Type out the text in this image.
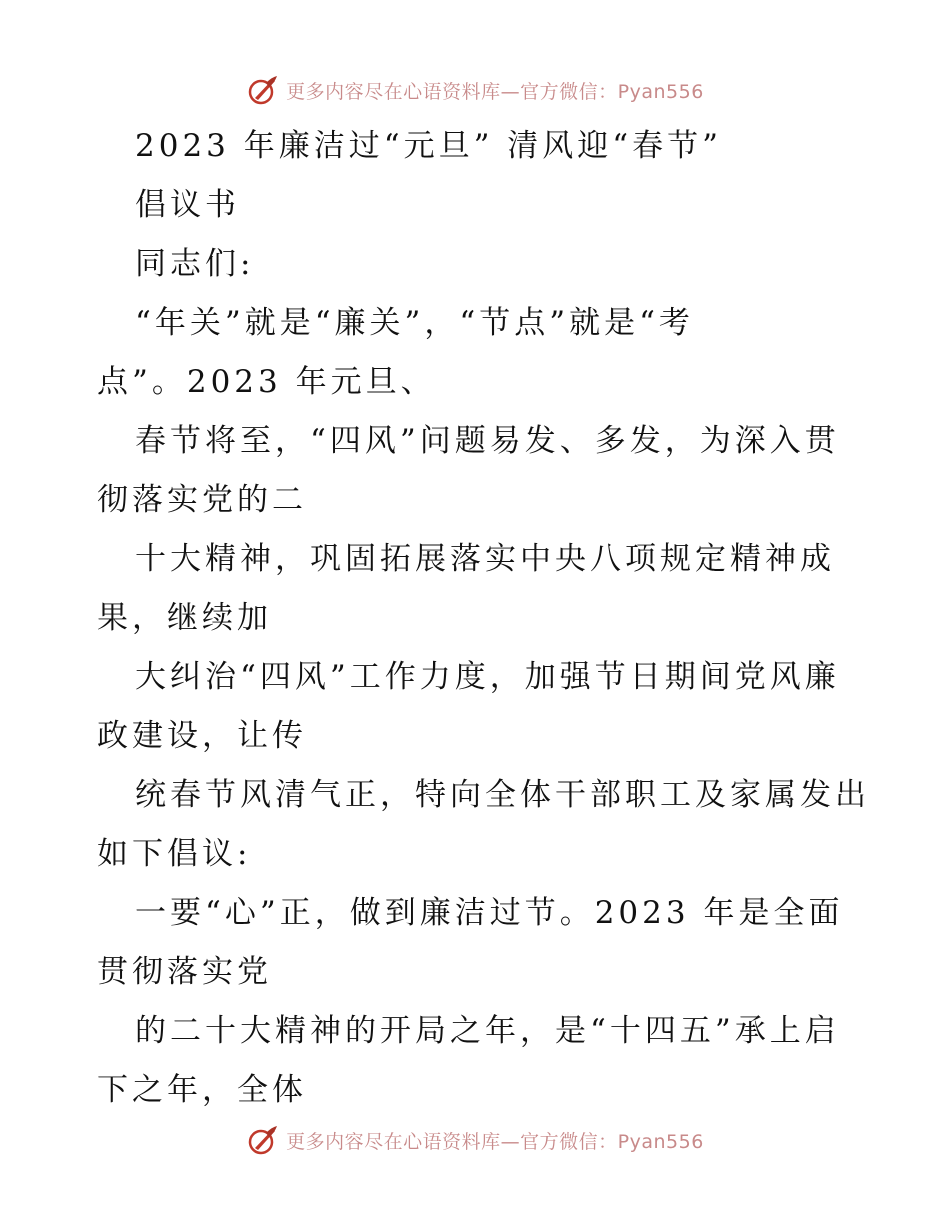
更多内容尽在心语资料库—官方微信：Pyan556
2023 年廉洁过“元旦” 清风迎“春节”
倡议书
同志们:
“年关”就是“廉关”，“节点”就是“考
点”。2023 年元旦、
春节将至，“四风”问题易发、多发，为深入贯
彻落实党的二
十大精神，巩固拓展落实中央八项规定精神成
果，继续加
大纠治“四风”工作力度，加强节日期间党风廉
政建设，让传
统春节风清气正，特向全体干部职工及家属发出
如下倡议:
一要“心”正，做到廉洁过节。2023 年是全面
贯彻落实党
的二十大精神的开局之年，是“十四五”承上启
下之年，全体
更多内容尽在心语资料库—官方微信：Pyan556
